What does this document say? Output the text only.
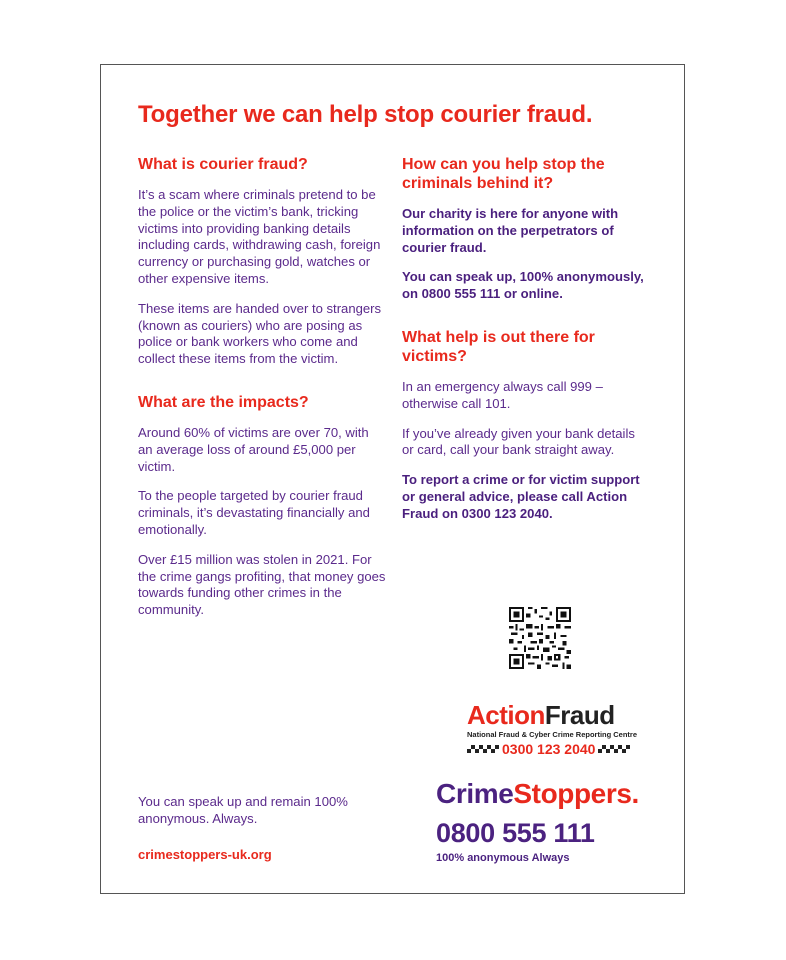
Together we can help stop courier fraud.
What is courier fraud?

It’s a scam where criminals pretend to be the police or the victim’s bank, tricking victims into providing banking details including cards, withdrawing cash, foreign currency or purchasing gold, watches or other expensive items.

These items are handed over to strangers (known as couriers) who are posing as police or bank workers who come and collect these items from the victim.

What are the impacts?

Around 60% of victims are over 70, with an average loss of around £5,000 per victim.

To the people targeted by courier fraud criminals, it’s devastating financially and emotionally.

Over £15 million was stolen in 2021. For the crime gangs profiting, that money goes towards funding other crimes in the community.

How can you help stop the criminals behind it?

Our charity is here for anyone with information on the perpetrators of courier fraud.

You can speak up, 100% anonymously, on 0800 555 111 or online.

What help is out there for victims?

In an emergency always call 999 – otherwise call 101.

If you’ve already given your bank details or card, call your bank straight away.

To report a crime or for victim support or general advice, please call Action Fraud on 0300 123 2040.

ActionFraud
National Fraud & Cyber Crime Reporting Centre
0300 123 2040
CrimeStoppers.
0800 555 111
100% anonymous Always

You can speak up and remain 100% anonymous. Always.

crimestoppers-uk.org
